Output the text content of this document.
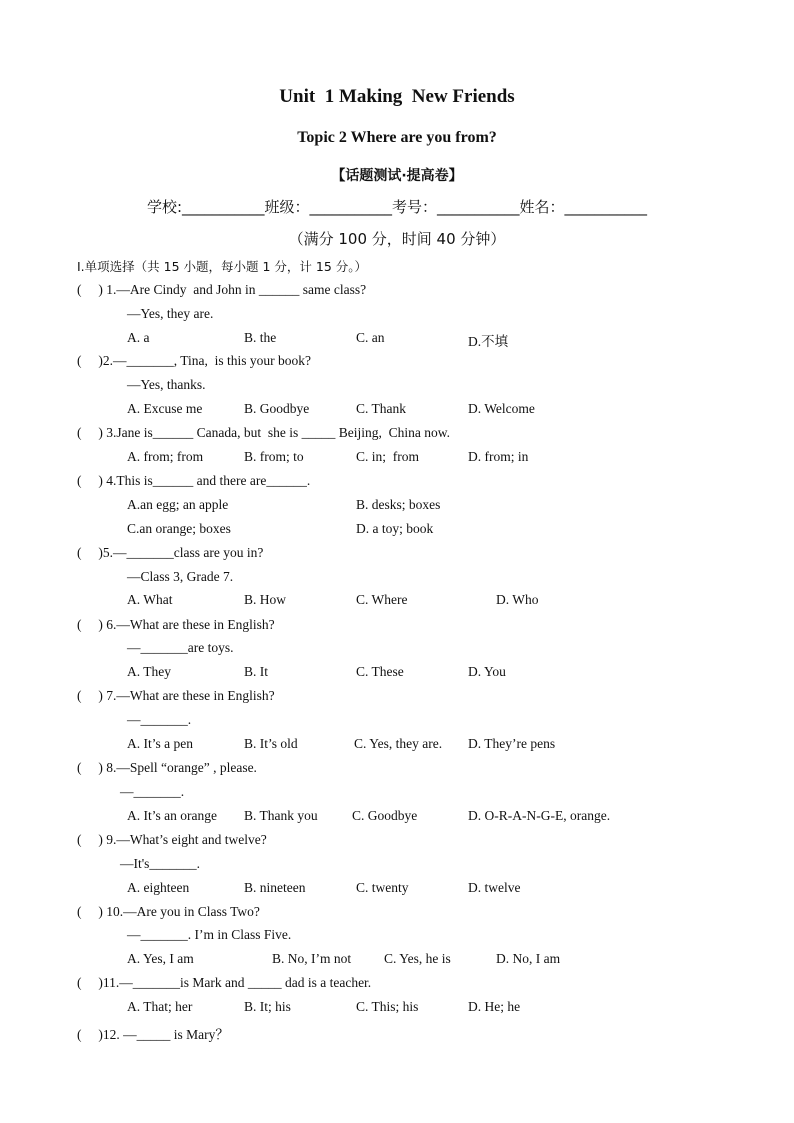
Unit  1 Making  New Friends
Topic 2 Where are you from?
【话题测试·提高卷】
学校:___________班级：___________考号：___________姓名：___________
（满分 100 分，时间 40 分钟）
I.单项选择（共 15 小题，每小题 1 分，计 15 分。）
(     ) 1.—Are Cindy  and John in ______ same class?
—Yes, they are.
A. a	B. the	C. an	D.不填
(     )2.—_______, Tina,  is this your book?
—Yes, thanks.
A. Excuse me	B. Goodbye	C. Thank	D. Welcome
(     ) 3.Jane is______ Canada, but  she is _____ Beijing,  China now.
A. from; from	B. from; to	C. in;  from	D. from; in
(     ) 4.This is______ and there are______.
A.an egg; an apple	B. desks; boxes
C.an orange; boxes	D. a toy; book
(     )5.—_______class are you in?
—Class 3, Grade 7.
A. What	B. How	C. Where	D. Who
(     ) 6.—What are these in English?
—_______are toys.
A. They	B. It	C. These	D. You
(     ) 7.—What are these in English?
—_______.
A. It’s a pen	B. It’s old	C. Yes, they are. D. They’re pens
(     ) 8.—Spell “orange” , please.
—_______.
A. It’s an orange B. Thank you	C. Goodbye	D. O-R-A-N-G-E, orange.
(     ) 9.—What’s eight and twelve?
—It's_______.
A. eighteen	B. nineteen	C. twenty	D. twelve
(     ) 10.—Are you in Class Two?
—_______. I’m in Class Five.
A. Yes, I am	B. No, I’m not C. Yes, he is	D. No, I am
(     )11.—_______is Mark and _____ dad is a teacher.
A. That; her	B. It; his	C. This; his	D. He; he
(     )12. —_____ is Mary？
